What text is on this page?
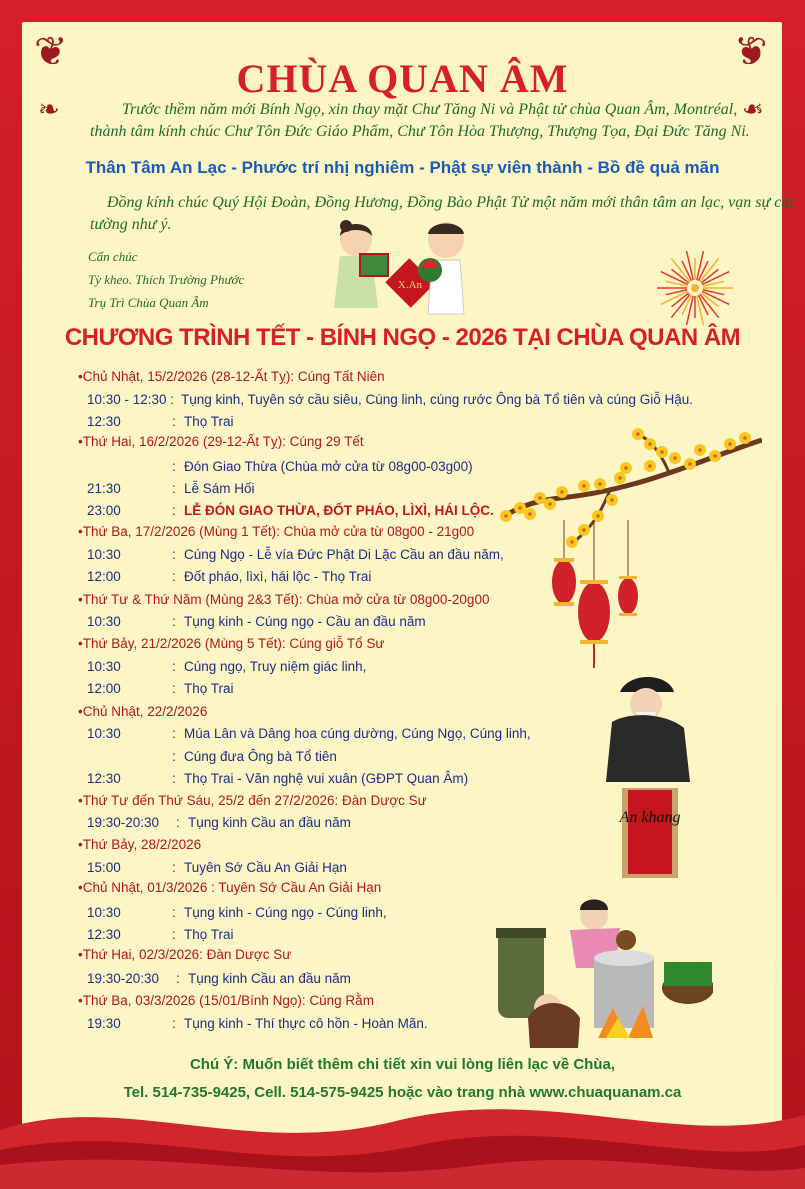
❦	❦
❧	❧
CHÙA QUAN ÂM
Trước thềm năm mới Bính Ngọ, xin thay mặt Chư Tăng Ni và Phật tử chùa Quan Âm, Montréal,
thành tâm kính chúc Chư Tôn Đức Giáo Phẩm, Chư Tôn Hòa Thượng, Thượng Tọa, Đại Đức Tăng Ni.
Thân Tâm An Lạc - Phước trí nhị nghiêm - Phật sự viên thành - Bồ đề quả mãn
Đồng kính chúc Quý Hội Đoàn, Đồng Hương, Đồng Bào Phật Tử một năm mới thân tâm an lạc, vạn sự cát
tường như ý.
Cẩn chúc
Tỳ kheo. Thích Trường Phước
Trụ Trì Chùa Quan Âm
X.An
CHƯƠNG TRÌNH TẾT - BÍNH NGỌ - 2026 TẠI CHÙA QUAN ÂM
An khang
•Chủ Nhật, 15/2/2026 (28-12-Ất Tỵ): Cúng Tất Niên
10:30 - 12:30 : Tụng kinh, Tuyên sớ cầu siêu, Cúng linh, cúng rước Ông bà Tổ tiên và cúng Giỗ Hậu.
12:30	: Thọ Trai
•Thứ Hai, 16/2/2026 (29-12-Ất Tỵ): Cúng 29 Tết
: Đón Giao Thừa (Chùa mở cửa từ 08g00-03g00)
21:30	: Lễ Sám Hối
23:00	: LỄ ĐÓN GIAO THỪA, ĐỐT PHÁO, LÌXÌ, HÁI LỘC.
•Thứ Ba, 17/2/2026 (Mùng 1 Tết): Chùa mở cửa từ 08g00 - 21g00
10:30	: Cúng Ngọ - Lễ vía Đức Phật Di Lặc Cầu an đầu năm,
12:00	: Đốt pháo, lìxì, hái lộc - Thọ Trai
•Thứ Tư & Thứ Năm (Mùng 2&3 Tết): Chùa mở cửa từ 08g00-20g00
10:30	: Tụng kinh - Cúng ngọ - Cầu an đầu năm
•Thứ Bảy, 21/2/2026 (Mùng 5 Tết): Cúng giỗ Tổ Sư
10:30	: Cúng ngọ, Truy niệm giác linh,
12:00	: Thọ Trai
•Chủ Nhật, 22/2/2026
10:30	: Múa Lân và Dâng hoa cúng dường, Cúng Ngọ, Cúng linh,
: Cúng đưa Ông bà Tổ tiên
12:30	: Thọ Trai - Văn nghệ vui xuân (GĐPT Quan Âm)
•Thứ Tư đến Thứ Sáu, 25/2 đến 27/2/2026: Đàn Dược Sư
19:30-20:30 : Tụng kinh Cầu an đầu năm
•Thứ Bảy, 28/2/2026
15:00	: Tuyên Sớ Cầu An Giải Hạn
•Chủ Nhật, 01/3/2026 : Tuyên Sớ Cầu An Giải Hạn
10:30	: Tụng kinh - Cúng ngọ - Cúng linh,
12:30	: Thọ Trai
•Thứ Hai, 02/3/2026: Đàn Dược Sư
19:30-20:30 : Tụng kinh Cầu an đầu năm
•Thứ Ba, 03/3/2026 (15/01/Bính Ngọ): Cúng Rằm
19:30	: Tụng kinh - Thí thực cô hồn - Hoàn Mãn.
Chú Ý: Muốn biết thêm chi tiết xin vui lòng liên lạc về Chùa,
Tel. 514-735-9425, Cell. 514-575-9425 hoặc vào trang nhà www.chuaquanam.ca
